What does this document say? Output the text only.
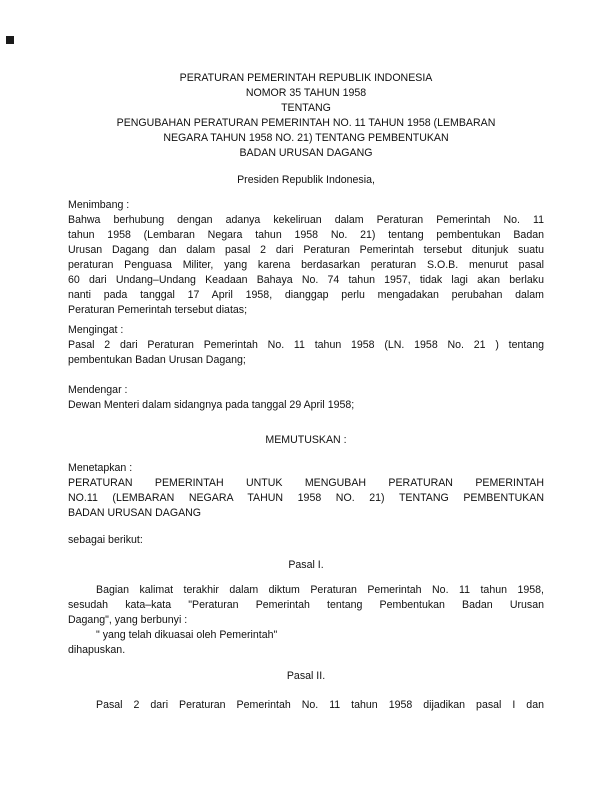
PERATURAN PEMERINTAH REPUBLIK INDONESIA
NOMOR 35 TAHUN 1958
TENTANG
PENGUBAHAN PERATURAN PEMERINTAH NO. 11 TAHUN 1958 (LEMBARAN
NEGARA TAHUN 1958 NO. 21) TENTANG PEMBENTUKAN
BADAN URUSAN DAGANG
Presiden Republik Indonesia,
Menimbang :
Bahwa berhubung dengan adanya kekeliruan dalam Peraturan Pemerintah No. 11
tahun 1958 (Lembaran Negara tahun 1958 No. 21) tentang pembentukan Badan
Urusan Dagang dan dalam pasal 2 dari Peraturan Pemerintah tersebut ditunjuk suatu
peraturan Penguasa Militer, yang karena berdasarkan peraturan S.O.B. menurut pasal
60 dari Undang–Undang Keadaan Bahaya No. 74 tahun 1957, tidak lagi akan berlaku
nanti pada tanggal 17 April 1958, dianggap perlu mengadakan perubahan dalam
Peraturan Pemerintah tersebut diatas;
Mengingat :
Pasal 2 dari Peraturan Pemerintah No. 11 tahun 1958 (LN. 1958 No. 21 ) tentang
pembentukan Badan Urusan Dagang;
Mendengar :
Dewan Menteri dalam sidangnya pada tanggal 29 April 1958;
MEMUTUSKAN :
Menetapkan :
PERATURAN PEMERINTAH UNTUK MENGUBAH PERATURAN PEMERINTAH
NO.11 (LEMBARAN NEGARA TAHUN 1958 NO. 21) TENTANG PEMBENTUKAN
BADAN URUSAN DAGANG
sebagai berikut:
Pasal I.
Bagian kalimat terakhir dalam diktum Peraturan Pemerintah No. 11 tahun 1958,
sesudah kata–kata "Peraturan Pemerintah tentang Pembentukan Badan Urusan
Dagang", yang berbunyi :
" yang telah dikuasai oleh Pemerintah"
dihapuskan.
Pasal II.
Pasal 2 dari Peraturan Pemerintah No. 11 tahun 1958 dijadikan pasal I dan
